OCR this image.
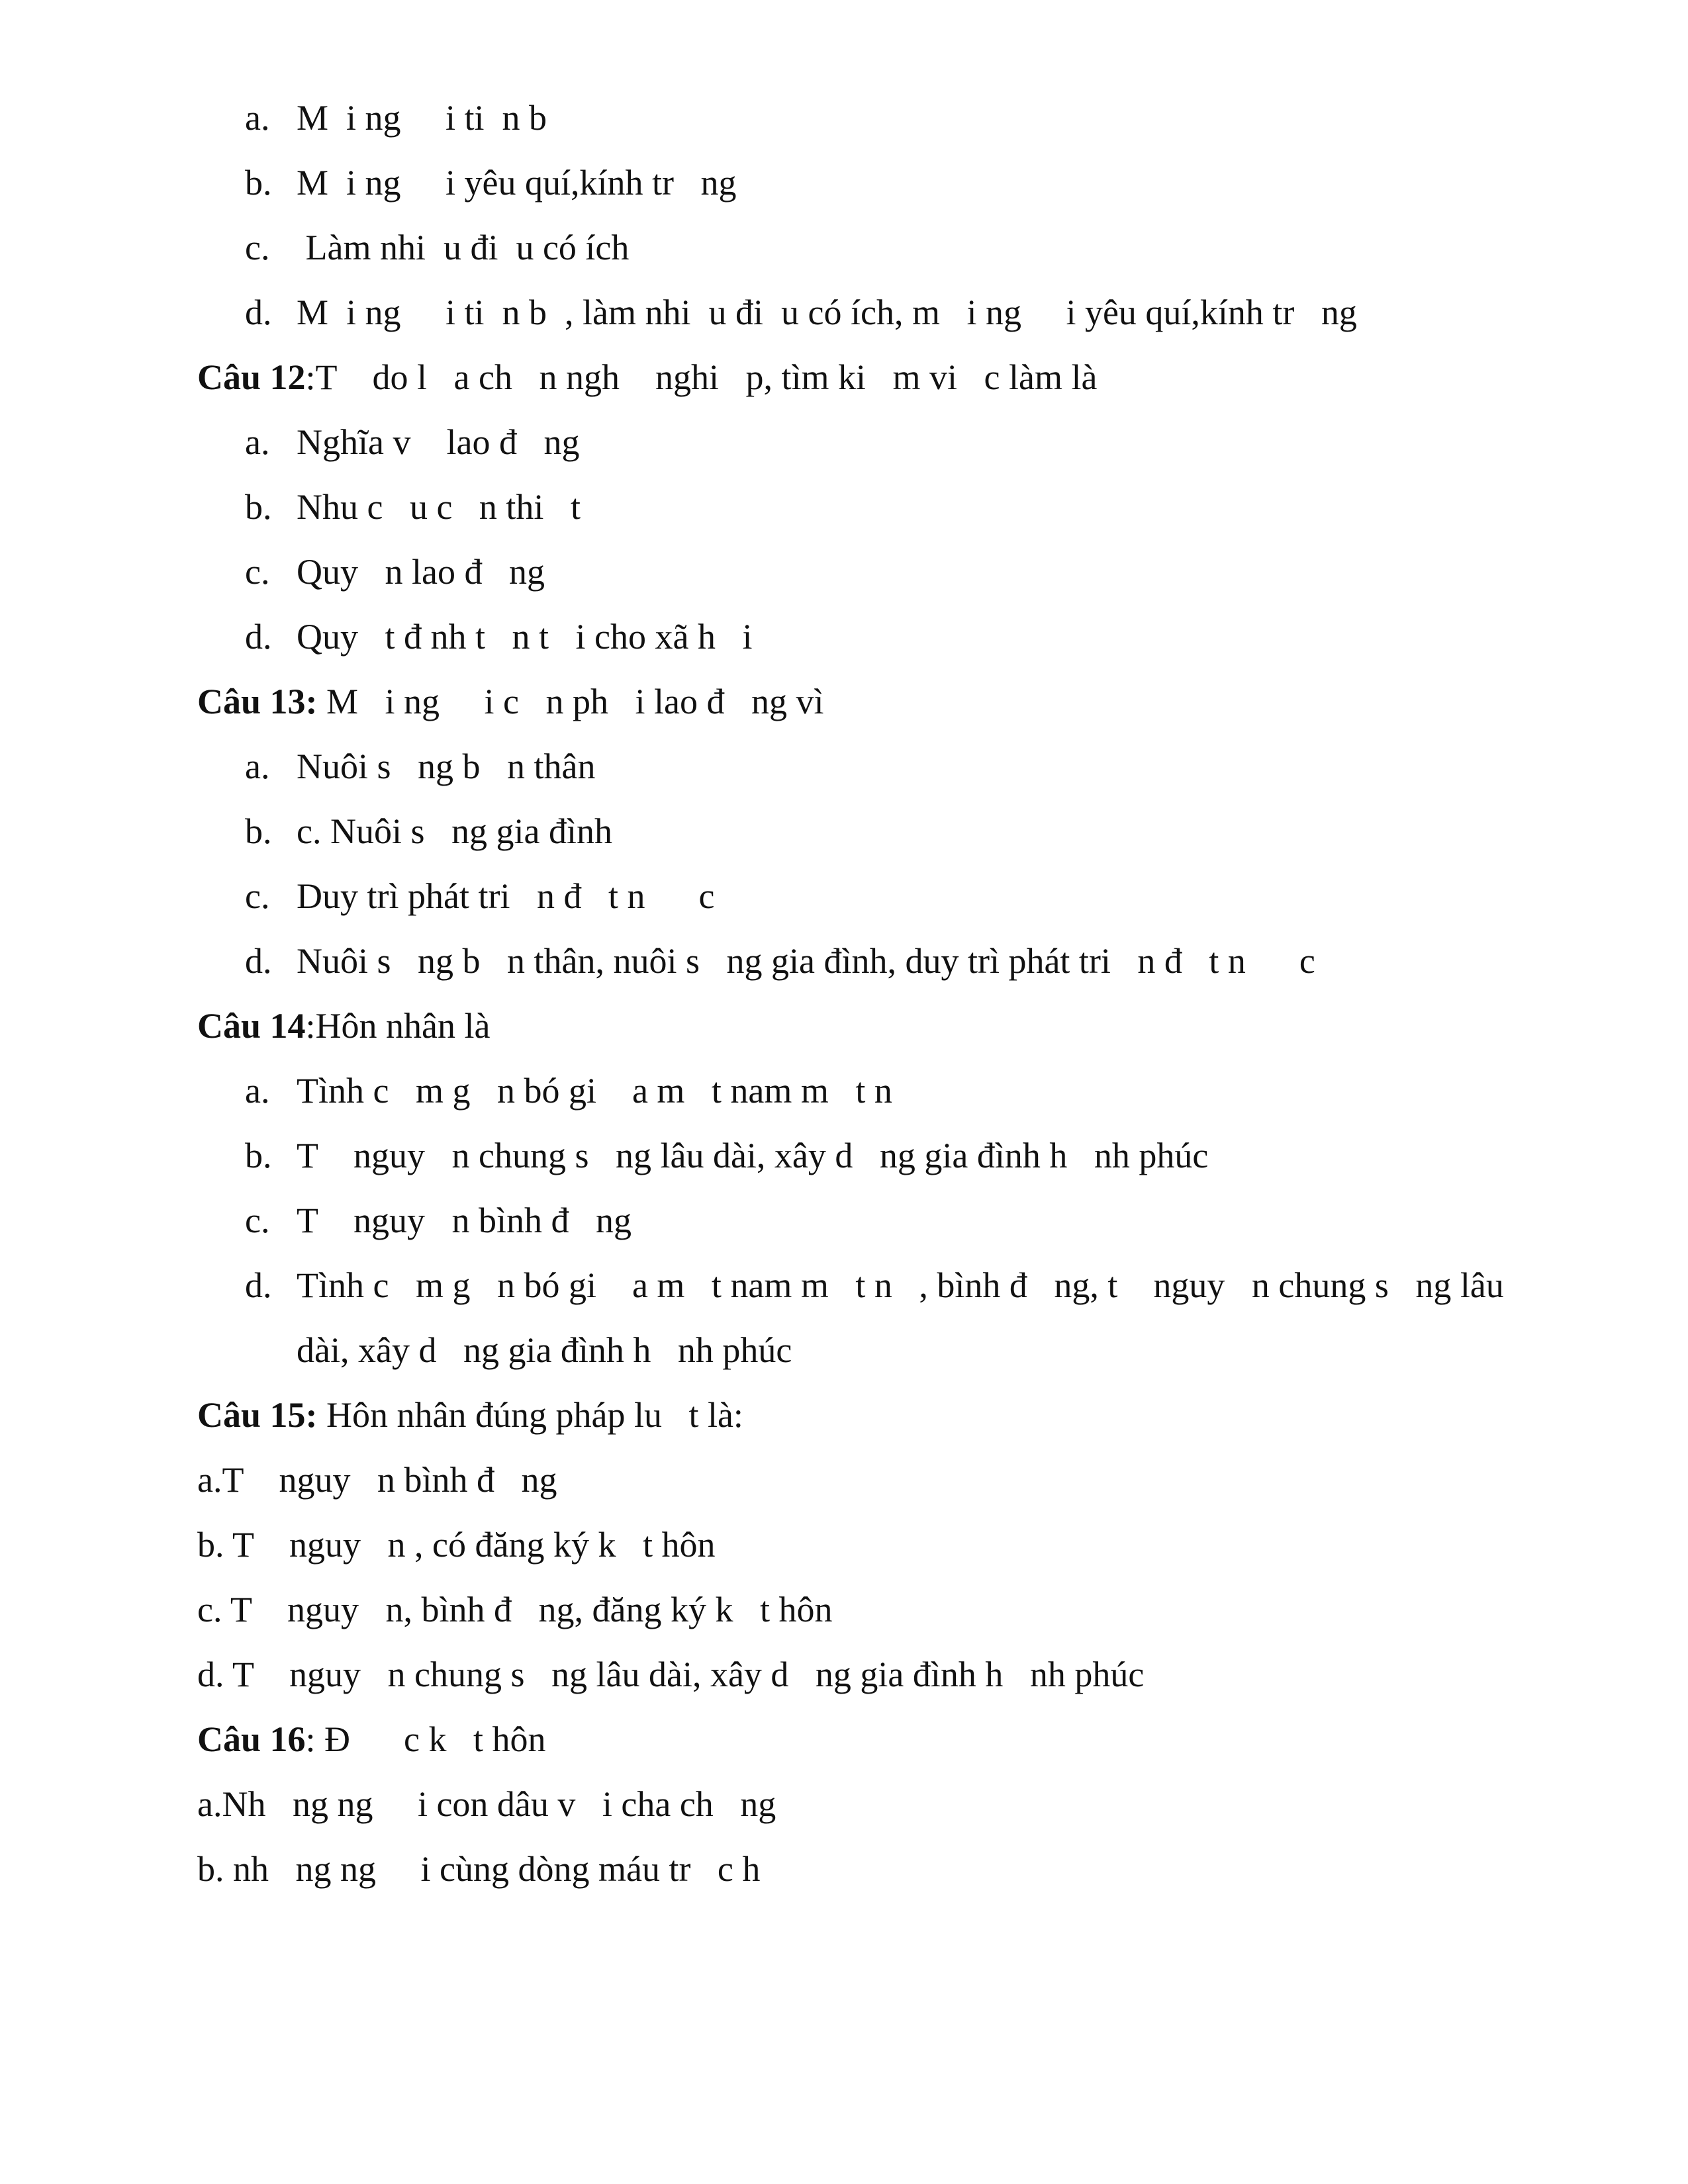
a. M  i ng     i ti  n b
b. M  i ng     i yêu quí,kính tr   ng
c. Làm nhi  u đi  u có ích
d. M  i ng     i ti  n b  , làm nhi  u đi  u có ích, m   i ng     i yêu quí,kính tr   ng
Câu 12:T    do l   a ch   n ngh    nghi   p, tìm ki   m vi   c làm là
a. Nghĩa v    lao đ   ng
b. Nhu c   u c   n thi   t
c. Quy   n lao đ   ng
d. Quy   t đ nh t   n t   i cho xã h   i
Câu 13: M   i ng     i c   n ph   i lao đ   ng vì
a. Nuôi s   ng b   n thân
b. c. Nuôi s   ng gia đình
c. Duy trì phát tri   n đ   t n      c
d. Nuôi s   ng b   n thân, nuôi s   ng gia đình, duy trì phát tri   n đ   t n      c
Câu 14:Hôn nhân là
a. Tình c   m g   n bó gi    a m   t nam m   t n
b. T    nguy   n chung s   ng lâu dài, xây d   ng gia đình h   nh phúc
c. T    nguy   n bình đ   ng
d. Tình c   m g   n bó gi    a m   t nam m   t n   , bình đ   ng, t    nguy   n chung s   ng lâu
dài, xây d   ng gia đình h   nh phúc
Câu 15: Hôn nhân đúng pháp lu   t là:
a.T    nguy   n bình đ   ng
b. T    nguy   n , có đăng ký k   t hôn
c. T    nguy   n, bình đ   ng, đăng ký k   t hôn
d. T    nguy   n chung s   ng lâu dài, xây d   ng gia đình h   nh phúc
Câu 16: Đ      c k   t hôn
a.Nh   ng ng     i con dâu v   i cha ch   ng
b. nh   ng ng     i cùng dòng máu tr   c h
